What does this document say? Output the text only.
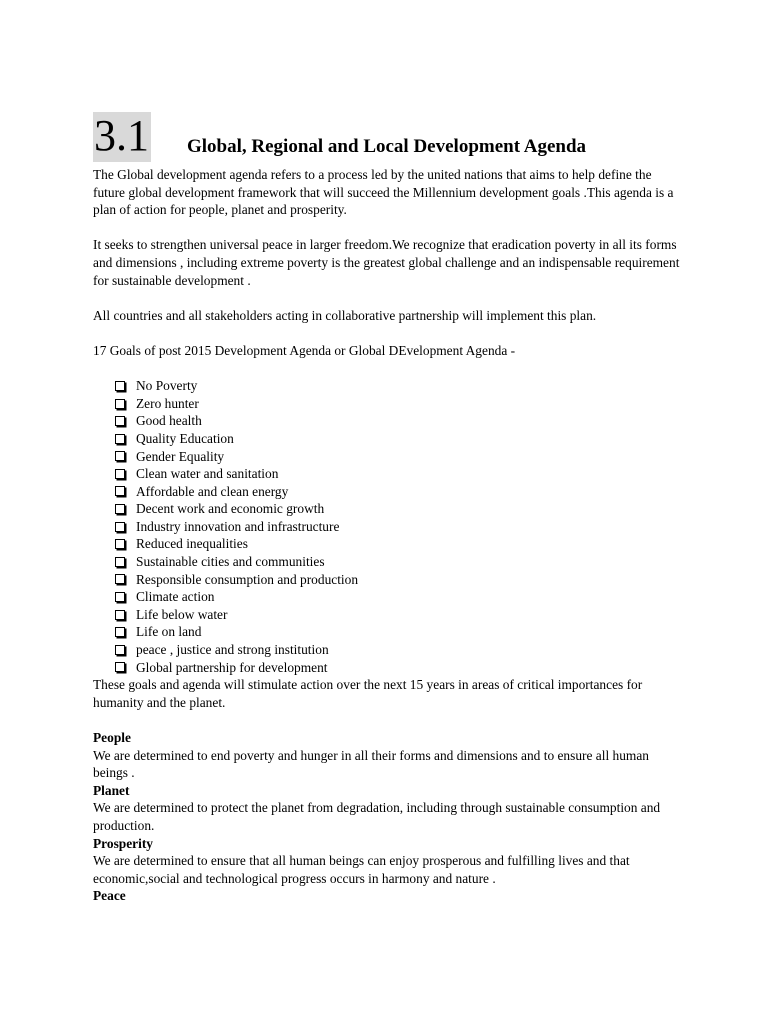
3.1 Global, Regional and Local Development Agenda

The Global development agenda refers to a process led by the united nations that aims to help define the future global development framework that will succeed the Millennium development goals .This agenda is a plan of action for people, planet and prosperity.

It seeks to strengthen universal peace in larger freedom.We recognize that eradication poverty in all its forms and dimensions , including extreme poverty is the greatest global challenge and an indispensable requirement for sustainable development .

All countries and all stakeholders acting in collaborative partnership will implement this plan.

17 Goals of post 2015 Development Agenda or Global DEvelopment Agenda -

No Poverty
Zero hunter
Good health
Quality Education
Gender Equality
Clean water and sanitation
Affordable and clean energy
Decent work and economic growth
Industry innovation and infrastructure
Reduced inequalities
Sustainable cities and communities
Responsible consumption and production
Climate action
Life below water
Life on land
peace , justice and strong institution
Global partnership for development

These goals and agenda will stimulate action over the next 15 years in areas of critical importances for humanity and the planet.

People

We are determined to end poverty and hunger in all their forms and dimensions and to ensure all human beings .

Planet

We are determined to protect the planet from degradation, including through sustainable consumption and production.

Prosperity

We are determined to ensure that all human beings can enjoy prosperous and fulfilling lives and that economic,social and technological progress occurs in harmony and nature .

Peace
